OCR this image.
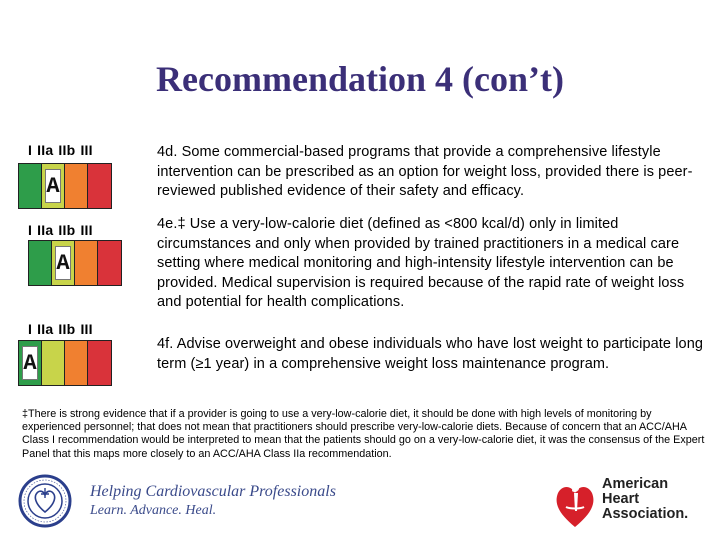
Recommendation 4 (con’t)
I IIa IIb III
A
4d. Some commercial-based programs that provide a comprehensive lifestyle intervention can be prescribed as an option for weight loss, provided there is peer-reviewed published evidence of their safety and efficacy.
I IIa IIb III
A
4e.‡ Use a very-low-calorie diet (defined as <800 kcal/d) only in limited circumstances and only when provided by trained practitioners in a medical care setting where medical monitoring and high-intensity lifestyle intervention can be provided. Medical supervision is required because of the rapid rate of weight loss and potential for health complications.
I IIa IIb III
A
4f. Advise overweight and obese individuals who have lost weight to participate long term (≥1 year) in a comprehensive weight loss maintenance program.
‡There is strong evidence that if a provider is going to use a very-low-calorie diet, it should be done with high levels of monitoring by experienced personnel; that does not mean that practitioners should prescribe very-low-calorie diets. Because of concern that an ACC/AHA Class I recommendation would be interpreted to mean that the patients should go on a very-low-calorie diet, it was the consensus of the Expert Panel that this maps more closely to an ACC/AHA Class IIa recommendation.
Helping Cardiovascular Professionals
Learn. Advance. Heal.
American
Heart
Association.
